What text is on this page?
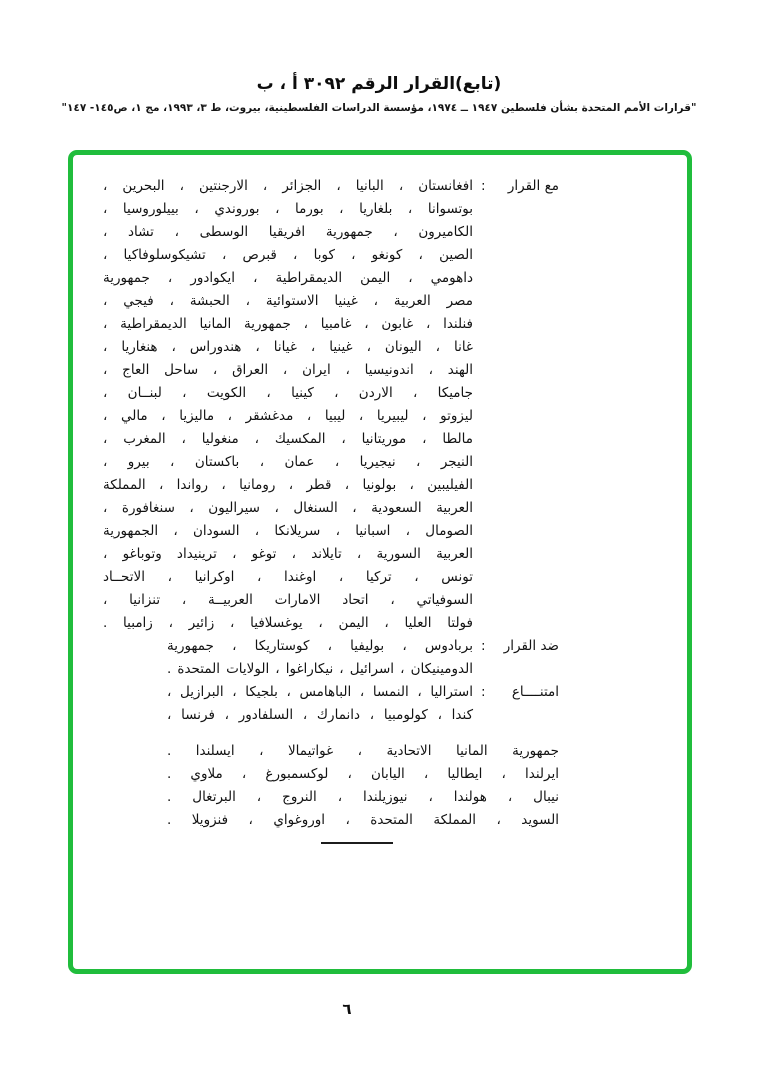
(تابع)القرار الرقم ٣٠٩٢ أ ، ب
"قرارات الأمم المتحدة بشأن فلسطين ١٩٤٧ ــ ١٩٧٤، مؤسسة الدراسات الفلسطينية، بيروت، ط ٣، ١٩٩٣، مج ١، ص١٤٥- ١٤٧"
مع القرار
:
افغانستان ، البانيا ، الجزائر ، الارجنتين ، البحرين ،
بوتسوانا ، بلغاريا ، بورما ، بوروندي ، بييلوروسيا ،
الكاميرون ، جمهورية افريقيا الوسطى ، تشاد ،
الصين ، كونغو ، كوبا ، قبرص ، تشيكوسلوفاكيا ،
داهومي ، اليمن الديمقراطية ، ايكوادور ، جمهورية
مصر العربية ، غينيا الاستوائية ، الحبشة ، فيجي ،
فنلندا ، غابون ، غامبيا ، جمهورية المانيا الديمقراطية ،
غانا ، اليونان ، غينيا ، غيانا ، هندوراس ، هنغاريا ،
الهند ، اندونيسيا ، ايران ، العراق ، ساحل العاج ،
جاميكا ، الاردن ، كينيا ، الكويت ، لبنــان ،
ليزوتو ، ليبيريا ، ليبيا ، مدغشقر ، ماليزيا ، مالي ،
مالطا ، موريتانيا ، المكسيك ، منغوليا ، المغرب ،
النيجر ، نيجيريا ، عمان ، باكستان ، بيرو ،
الفيليبين ، بولونيا ، قطر ، رومانيا ، رواندا ، المملكة
العربية السعودية ، السنغال ، سيراليون ، سنغافورة ،
الصومال ، اسبانيا ، سريلانكا ، السودان ، الجمهورية
العربية السورية ، تايلاند ، توغو ، ترينيداد وتوباغو ،
تونس ، تركيا ، اوغندا ، اوكرانيا ، الاتحــاد
السوفياتي ، اتحاد الامارات العربيــة ، تنزانيا ،
فولتا العليا ، اليمن ، يوغسلافيا ، زائير ، زامبيا .
ضد القرار
:
بربادوس ، بوليفيا ، كوستاريكا ، جمهورية
الدومينيكان ، اسرائيل ، نيكاراغوا ، الولايات المتحدة .
امتنــــاع
:
استراليا ، النمسا ، الباهامس ، بلجيكا ، البرازيل ،
كندا ، كولومبيا ، دانمارك ، السلفادور ، فرنسا ،
جمهورية المانيا الاتحادية ، غواتيمالا ، ايسلندا .
ايرلندا ، ايطاليا ، اليابان ، لوكسمبورغ ، ملاوي .
نيبال ، هولندا ، نيوزيلندا ، النروج ، البرتغال .
السويد ، المملكة المتحدة ، اوروغواي ، فنزويلا .
٦
